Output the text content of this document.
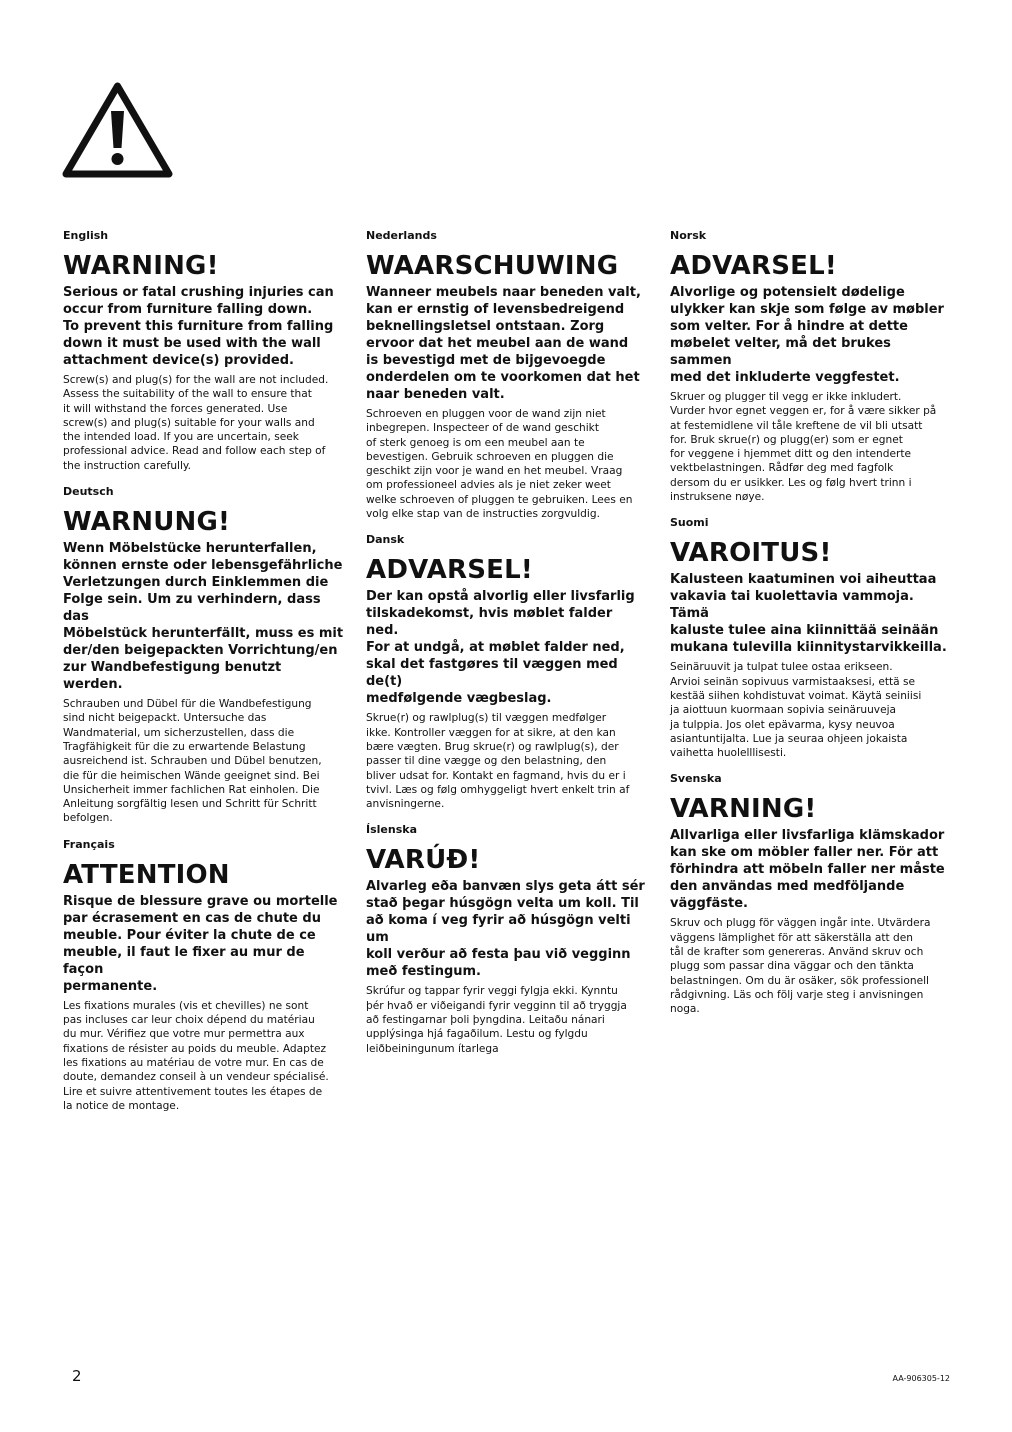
English
WARNING!
Serious or fatal crushing injuries can
occur from furniture falling down.
To prevent this furniture from falling
down it must be used with the wall
attachment device(s) provided.
Screw(s) and plug(s) for the wall are not included.
Assess the suitability of the wall to ensure that
it will withstand the forces generated. Use
screw(s) and plug(s) suitable for your walls and
the intended load. If you are uncertain, seek
professional advice. Read and follow each step of
the instruction carefully.
Deutsch
WARNUNG!
Wenn Möbelstücke herunterfallen,
können ernste oder lebensgefährliche
Verletzungen durch Einklemmen die
Folge sein. Um zu verhindern, dass das
Möbelstück herunterfällt, muss es mit
der/den beigepackten Vorrichtung/en
zur Wandbefestigung benutzt werden.
Schrauben und Dübel für die Wandbefestigung
sind nicht beigepackt. Untersuche das
Wandmaterial, um sicherzustellen, dass die
Tragfähigkeit für die zu erwartende Belastung
ausreichend ist. Schrauben und Dübel benutzen,
die für die heimischen Wände geeignet sind. Bei
Unsicherheit immer fachlichen Rat einholen. Die
Anleitung sorgfältig lesen und Schritt für Schritt
befolgen.
Français
ATTENTION
Risque de blessure grave ou mortelle
par écrasement en cas de chute du
meuble. Pour éviter la chute de ce
meuble, il faut le fixer au mur de façon
permanente.
Les fixations murales (vis et chevilles) ne sont
pas incluses car leur choix dépend du matériau
du mur. Vérifiez que votre mur permettra aux
fixations de résister au poids du meuble. Adaptez
les fixations au matériau de votre mur. En cas de
doute, demandez conseil à un vendeur spécialisé.
Lire et suivre attentivement toutes les étapes de
la notice de montage.
Nederlands
WAARSCHUWING
Wanneer meubels naar beneden valt,
kan er ernstig of levensbedreigend
beknellingsletsel ontstaan. Zorg
ervoor dat het meubel aan de wand
is bevestigd met de bijgevoegde
onderdelen om te voorkomen dat het
naar beneden valt.
Schroeven en pluggen voor de wand zijn niet
inbegrepen. Inspecteer of de wand geschikt
of sterk genoeg is om een meubel aan te
bevestigen. Gebruik schroeven en pluggen die
geschikt zijn voor je wand en het meubel. Vraag
om professioneel advies als je niet zeker weet
welke schroeven of pluggen te gebruiken. Lees en
volg elke stap van de instructies zorgvuldig.
Dansk
ADVARSEL!
Der kan opstå alvorlig eller livsfarlig
tilskadekomst, hvis møblet falder ned.
For at undgå, at møblet falder ned,
skal det fastgøres til væggen med de(t)
medfølgende vægbeslag.
Skrue(r) og rawlplug(s) til væggen medfølger
ikke. Kontroller væggen for at sikre, at den kan
bære vægten. Brug skrue(r) og rawlplug(s), der
passer til dine vægge og den belastning, den
bliver udsat for. Kontakt en fagmand, hvis du er i
tvivl. Læs og følg omhyggeligt hvert enkelt trin af
anvisningerne.
Íslenska
VARÚÐ!
Alvarleg eða banvæn slys geta átt sér
stað þegar húsgögn velta um koll. Til
að koma í veg fyrir að húsgögn velti um
koll verður að festa þau við vegginn
með festingum.
Skrúfur og tappar fyrir veggi fylgja ekki. Kynntu
þér hvað er viðeigandi fyrir vegginn til að tryggja
að festingarnar þoli þyngdina. Leitaðu nánari
upplýsinga hjá fagaðilum. Lestu og fylgdu
leiðbeiningunum ítarlega
Norsk
ADVARSEL!
Alvorlige og potensielt dødelige
ulykker kan skje som følge av møbler
som velter. For å hindre at dette
møbelet velter, må det brukes sammen
med det inkluderte veggfestet.
Skruer og plugger til vegg er ikke inkludert.
Vurder hvor egnet veggen er, for å være sikker på
at festemidlene vil tåle kreftene de vil bli utsatt
for. Bruk skrue(r) og plugg(er) som er egnet
for veggene i hjemmet ditt og den intenderte
vektbelastningen. Rådfør deg med fagfolk
dersom du er usikker. Les og følg hvert trinn i
instruksene nøye.
Suomi
VAROITUS!
Kalusteen kaatuminen voi aiheuttaa
vakavia tai kuolettavia vammoja. Tämä
kaluste tulee aina kiinnittää seinään
mukana tulevilla kiinnitystarvikkeilla.
Seinäruuvit ja tulpat tulee ostaa erikseen.
Arvioi seinän sopivuus varmistaaksesi, että se
kestää siihen kohdistuvat voimat. Käytä seiniisi
ja aiottuun kuormaan sopivia seinäruuveja
ja tulppia. Jos olet epävarma, kysy neuvoa
asiantuntijalta. Lue ja seuraa ohjeen jokaista
vaihetta huolelllisesti.
Svenska
VARNING!
Allvarliga eller livsfarliga klämskador
kan ske om möbler faller ner. För att
förhindra att möbeln faller ner måste
den användas med medföljande
väggfäste.
Skruv och plugg för väggen ingår inte. Utvärdera
väggens lämplighet för att säkerställa att den
tål de krafter som genereras. Använd skruv och
plugg som passar dina väggar och den tänkta
belastningen. Om du är osäker, sök professionell
rådgivning. Läs och följ varje steg i anvisningen
noga.
2	AA-906305-12
